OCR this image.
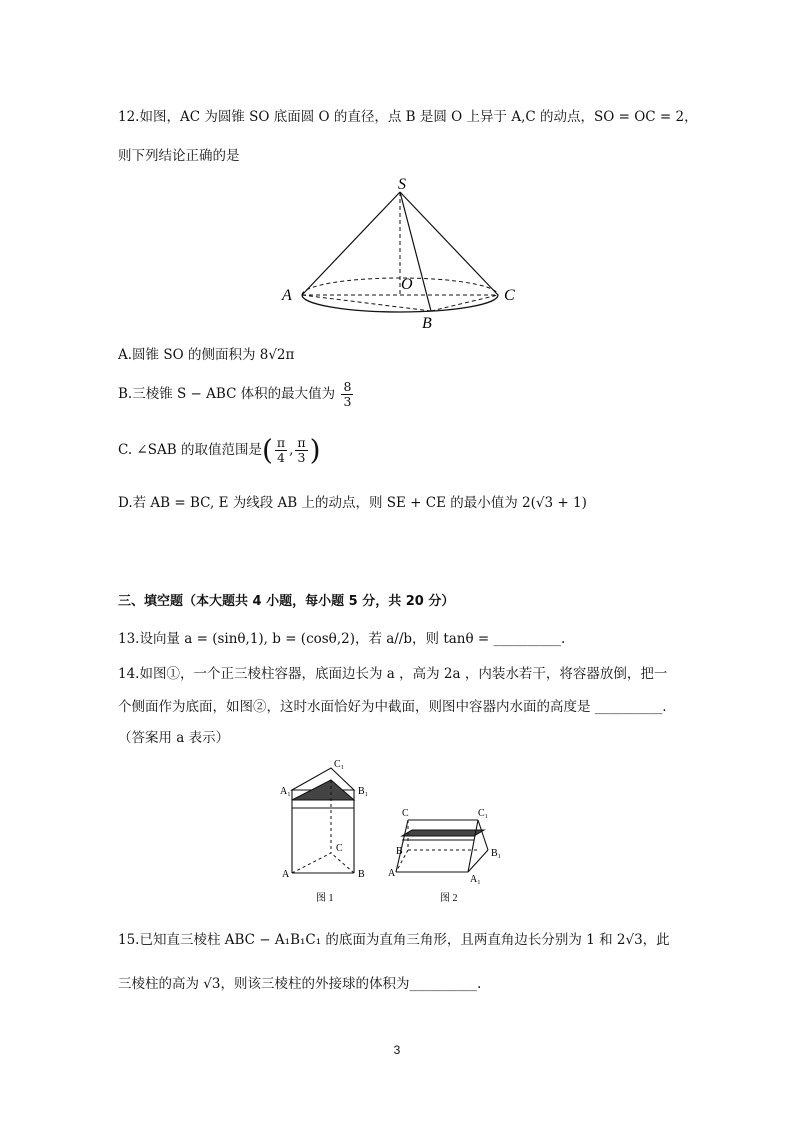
12.如图，AC 为圆锥 SO 底面圆 O 的直径，点 B 是圆 O 上异于 A,C 的动点，SO = OC = 2，
则下列结论正确的是
S
O
A
B
C
A.圆锥 SO 的侧面积为 8√2π
B.三棱锥 S − ABC 体积的最大值为 $\frac{8}{3}$
C. ∠SAB 的取值范围是( $\frac{\pi}{4}$ , $\frac{\pi}{3}$ )
D.若 AB = BC, E 为线段 AB 上的动点，则 SE + CE 的最小值为 2(√3 + 1)
三、填空题（本大题共 4 小题，每小题 5 分，共 20 分）
13.设向量 a = (sinθ,1), b = (cosθ,2)，若 a//b，则 tanθ = __________.
14.如图①，一个正三棱柱容器，底面边长为 a ，高为 2a ，内装水若干，将容器放倒，把一
个侧面作为底面，如图②，这时水面恰好为中截面，则图中容器内水面的高度是 __________.
（答案用 a 表示）
C₁
A₁	B₁
C
A	B
图 1
C	C₁
B	B₁
A
A₁
图 2
15.已知直三棱柱 ABC − A₁B₁C₁ 的底面为直角三角形，且两直角边长分别为 1 和 2√3，此
三棱柱的高为 √3，则该三棱柱的外接球的体积为__________.
3
